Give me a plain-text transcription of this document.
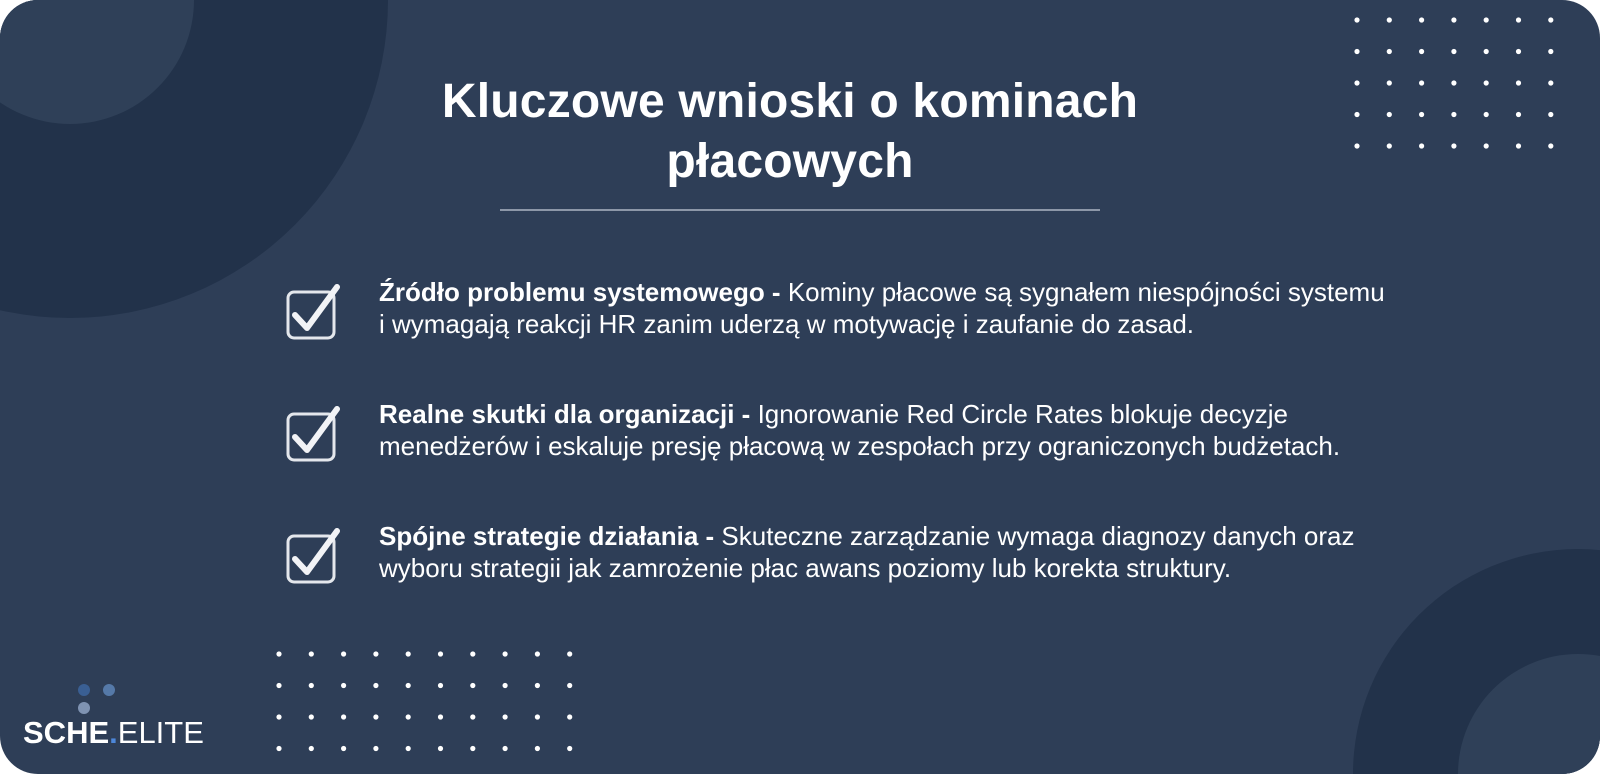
Kluczowe wnioski o kominach płacowych
Źródło problemu systemowego - Kominy płacowe są sygnałem niespójności systemu i wymagają reakcji HR zanim uderzą w motywację i zaufanie do zasad.
Realne skutki dla organizacji - Ignorowanie Red Circle Rates blokuje decyzje menedżerów i eskaluje presję płacową w zespołach przy ograniczonych budżetach.
Spójne strategie działania - Skuteczne zarządzanie wymaga diagnozy danych oraz wyboru strategii jak zamrożenie płac awans poziomy lub korekta struktury.
SCHE.ELITE
